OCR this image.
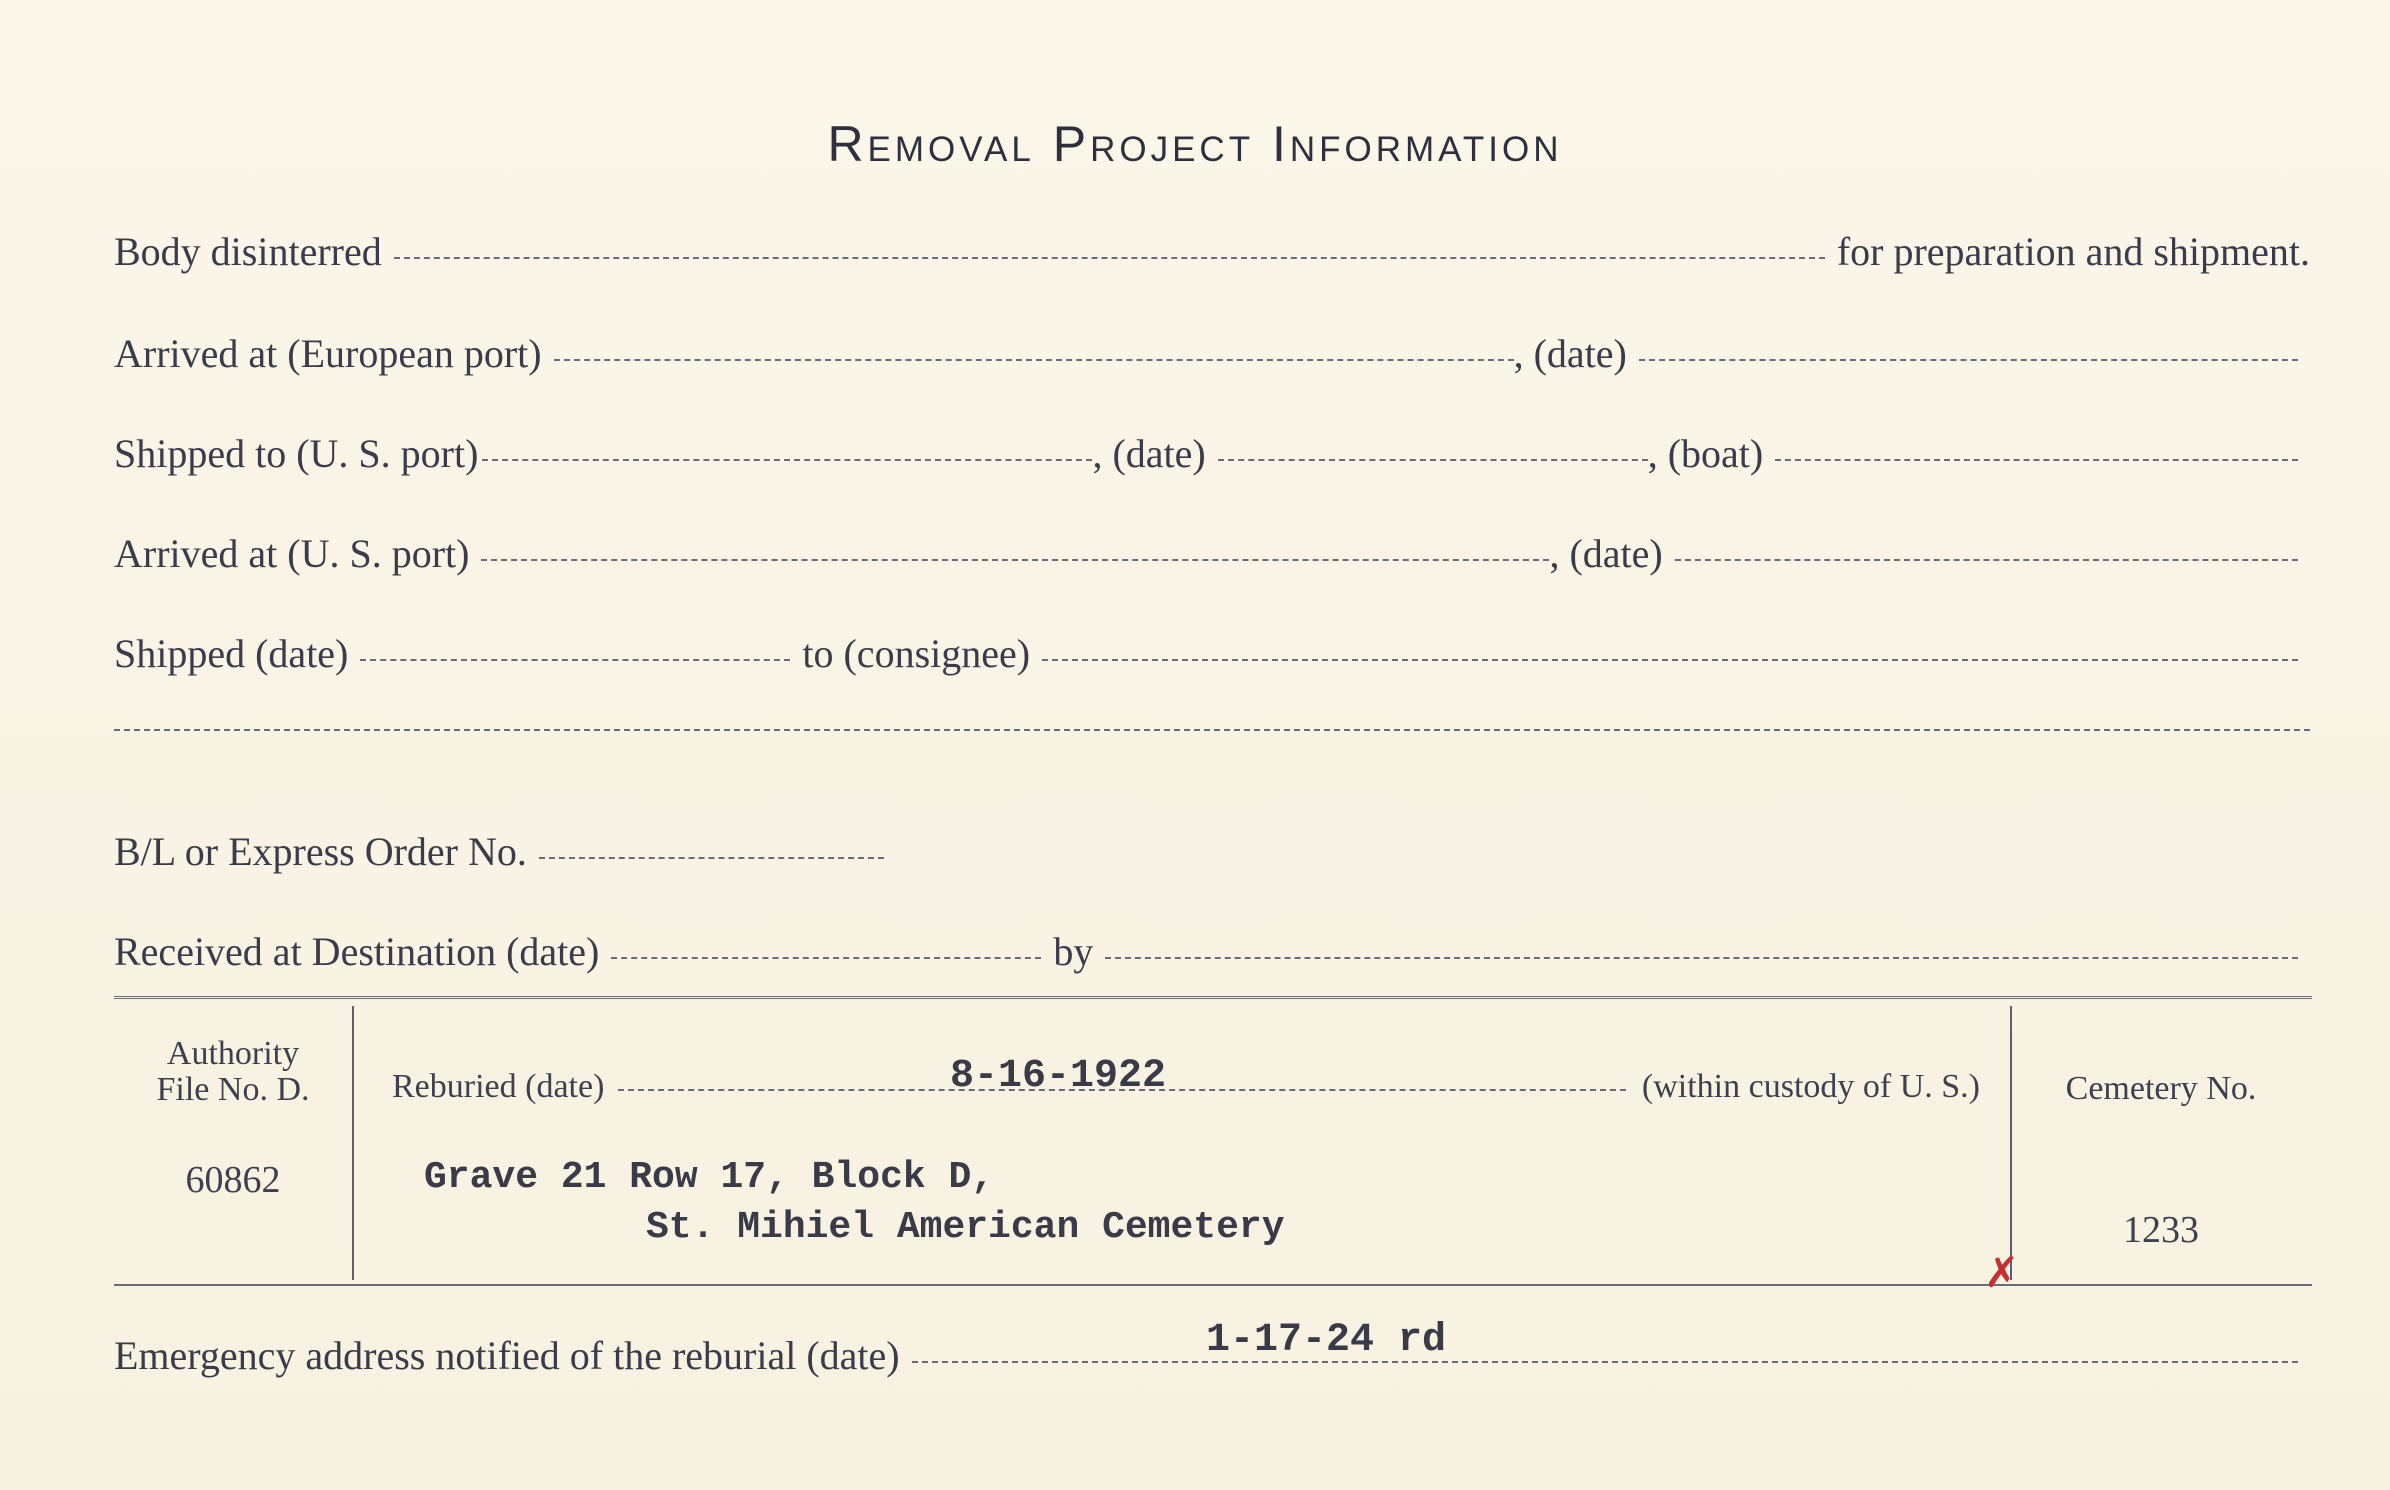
Removal Project Information
Body disinterred	for preparation and shipment.
Arrived at (European port)	, (date)
Shipped to (U. S. port)	, (date)	, (boat)
Arrived at (U. S. port)	, (date)
Shipped (date)	to (consignee)
B/L or Express Order No.
Received at Destination (date)	by
Authority
File No. D.
60862
Reburied (date)	(within custody of U. S.)
8-16-1922
Grave 21 Row 17, Block D,
St. Mihiel American Cemetery
Cemetery No.
1233
✗
Emergency address notified of the reburial (date)	1-17-24 rd
